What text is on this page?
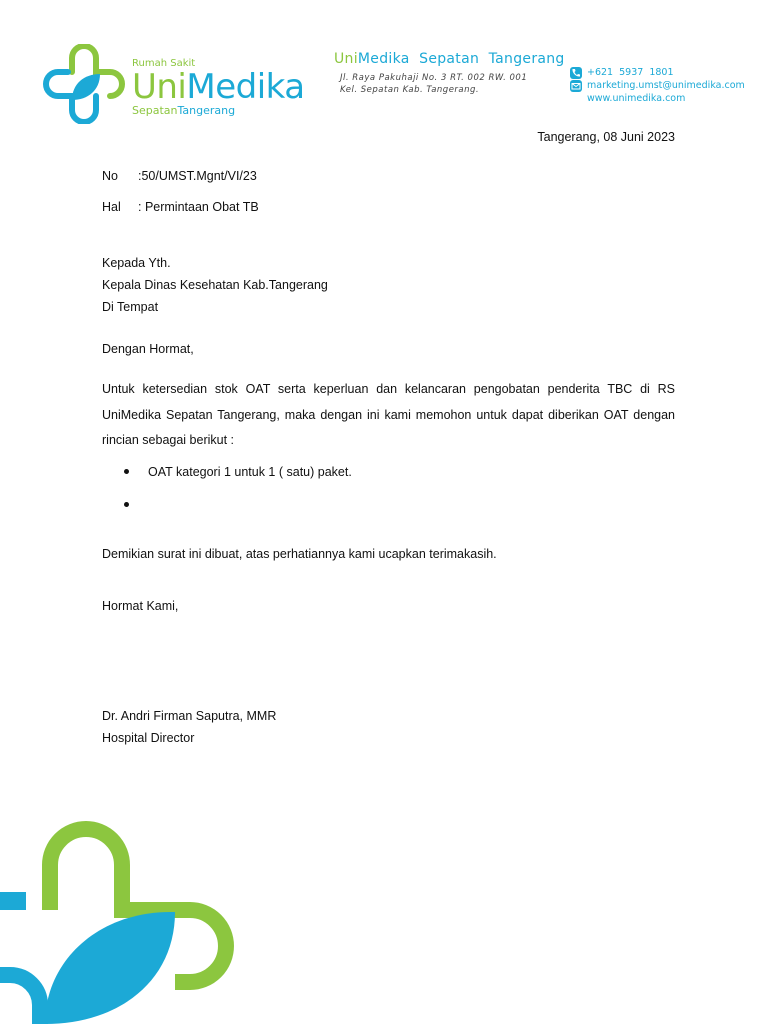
Rumah Sakit
UniMedika
SepatanTangerang
UniMedika  Sepatan  Tangerang
Jl. Raya Pakuhaji No. 3 RT. 002 RW. 001
Kel. Sepatan Kab. Tangerang.
+621  5937  1801
marketing.umst@unimedika.com
www.unimedika.com
Tangerang, 08 Juni 2023
No :50/UMST.Mgnt/VI/23
Hal : Permintaan Obat TB
Kepada Yth.
Kepala Dinas Kesehatan Kab.Tangerang
Di Tempat
Dengan Hormat,
Untuk ketersedian stok OAT serta keperluan dan kelancaran pengobatan penderita TBC di RS UniMedika Sepatan Tangerang, maka dengan ini kami memohon untuk dapat diberikan OAT dengan rincian sebagai berikut :
Demikian surat ini dibuat, atas perhatiannya kami ucapkan terimakasih.
Hormat Kami,
Dr. Andri Firman Saputra, MMR
Hospital Director
OAT kategori 1 untuk 1 ( satu) paket.
